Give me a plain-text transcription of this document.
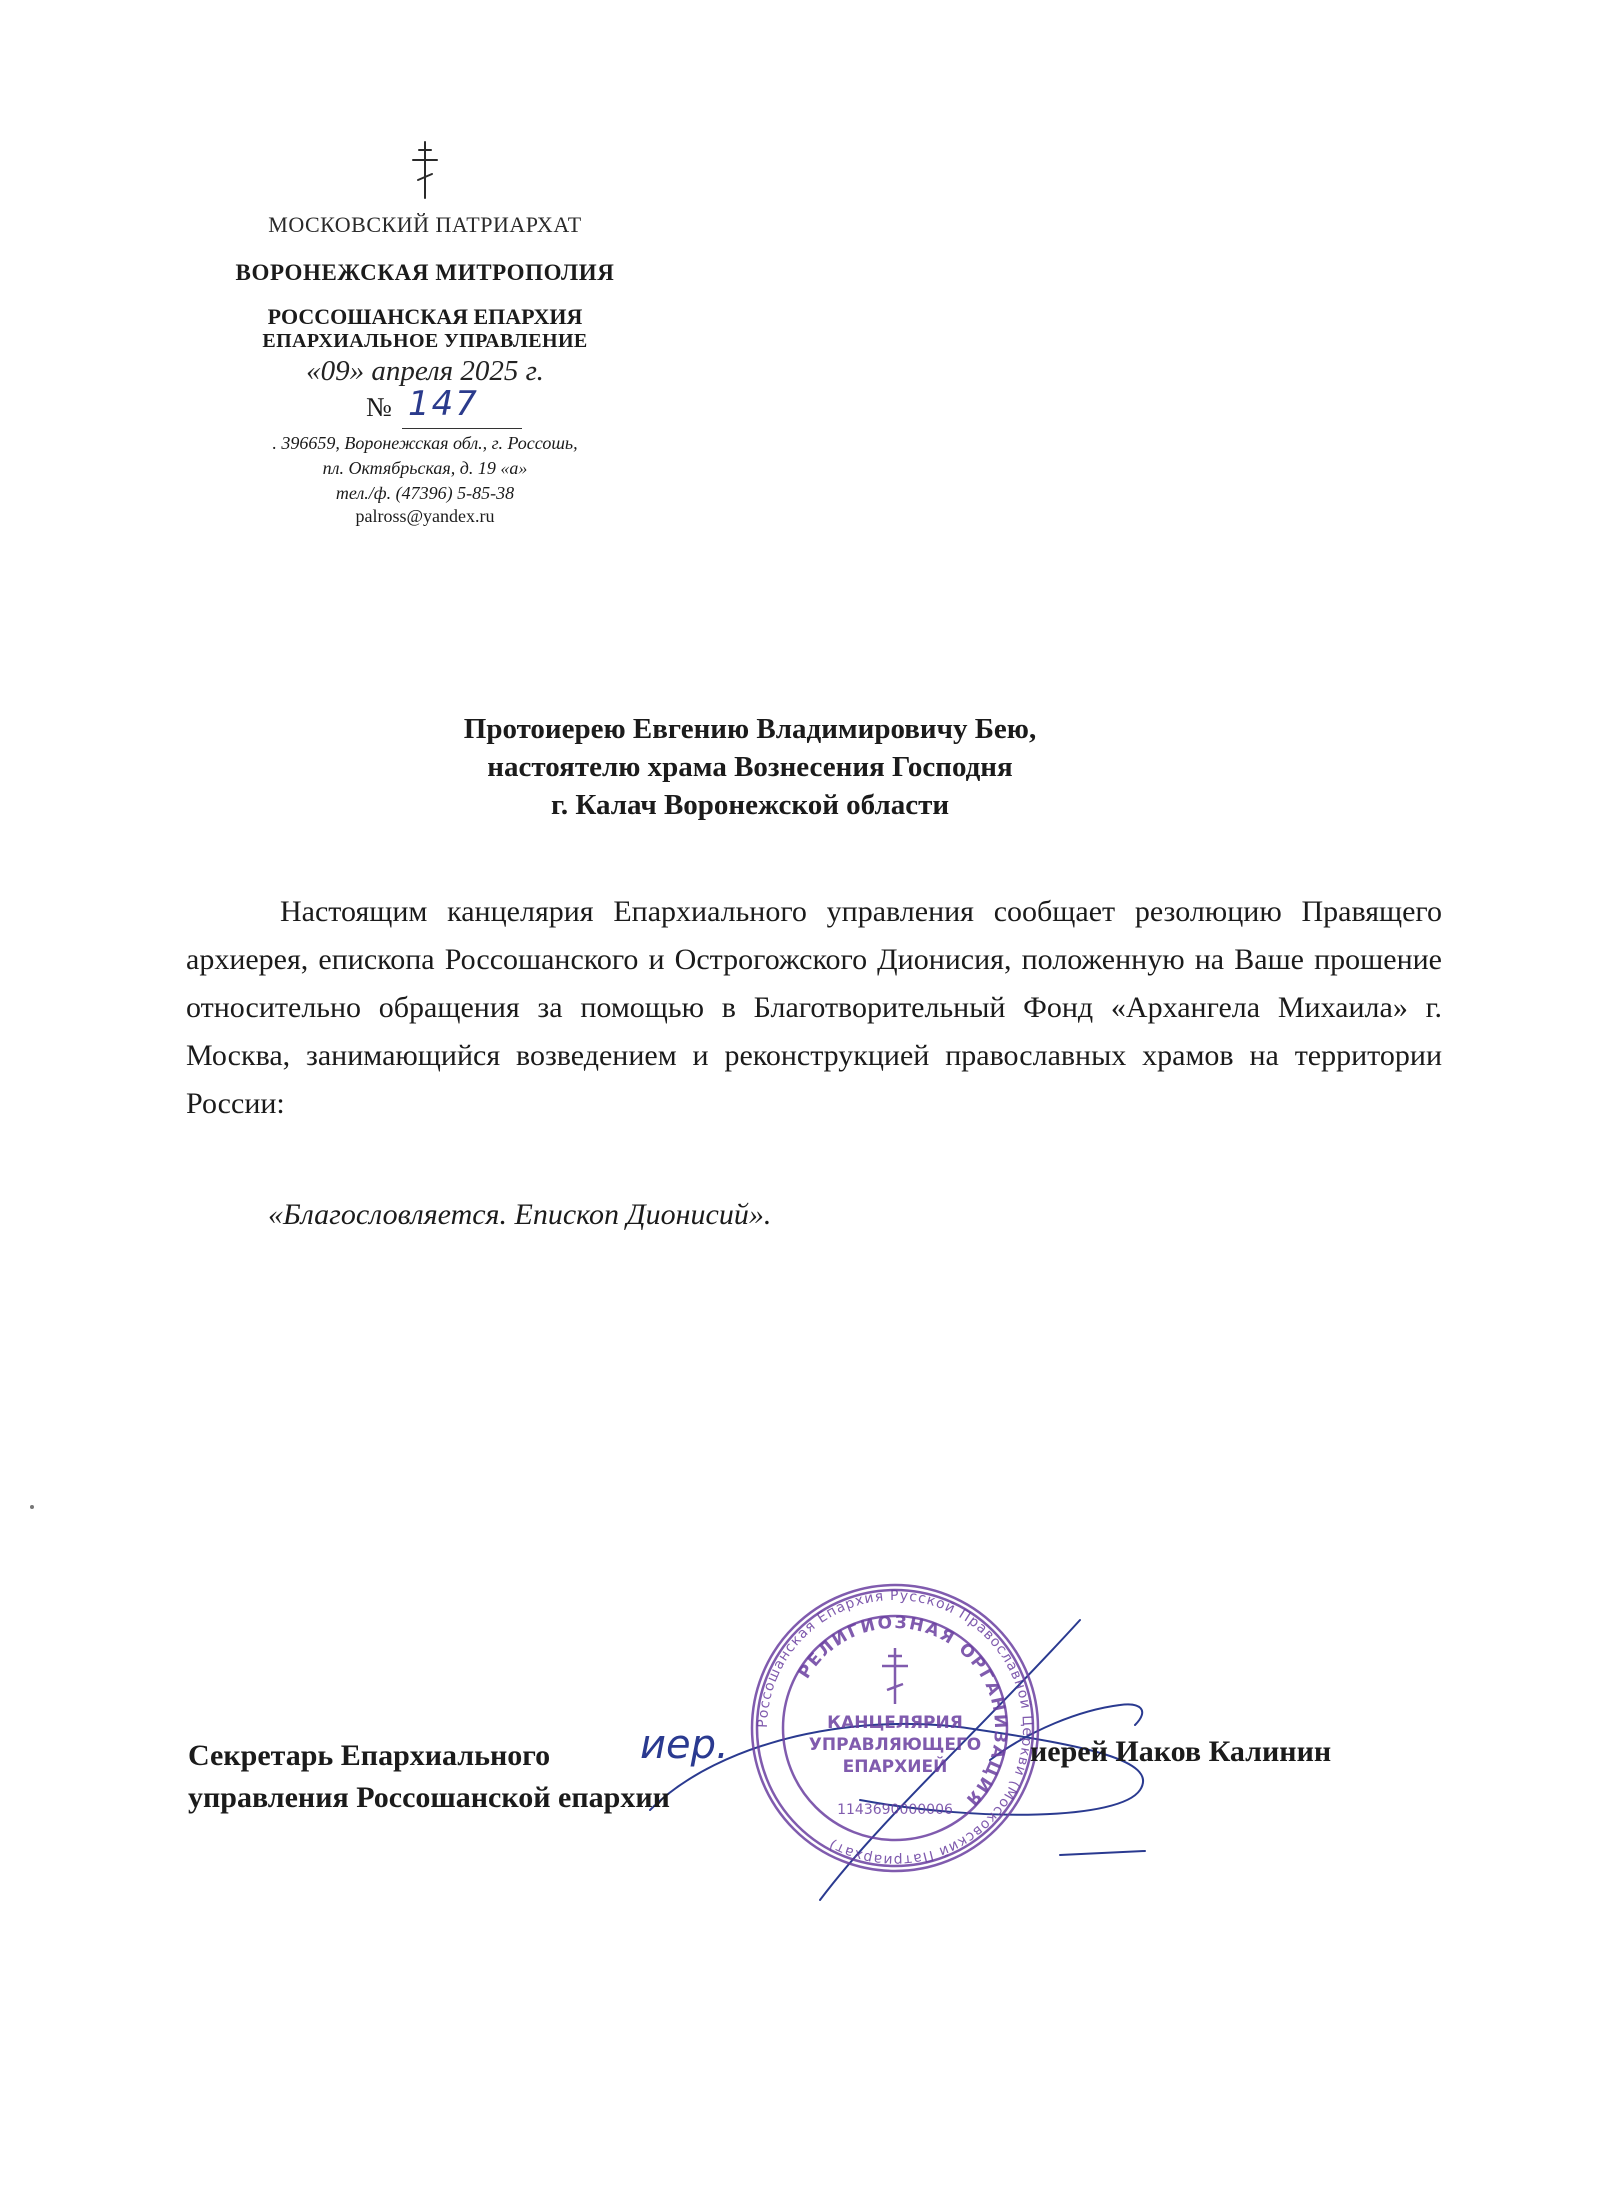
МОСКОВСКИЙ ПАТРИАРХАТ
ВОРОНЕЖСКАЯ МИТРОПОЛИЯ
РОССОШАНСКАЯ ЕПАРХИЯ
ЕПАРХИАЛЬНОЕ УПРАВЛЕНИЕ
«09» апреля 2025 г.
№ 147
. 396659, Воронежская обл., г. Россошь,
пл. Октябрьская, д. 19 «а»
тел./ф. (47396) 5-85-38
palross@yandex.ru
Протоиерею Евгению Владимировичу Бею,
настоятелю храма Вознесения Господня
г. Калач Воронежской области
Настоящим канцелярия Епархиального управления сообщает резолюцию Правящего архиерея, епископа Россошанского и Острогожского Дионисия, положенную на Ваше прошение относительно обращения за помощью в Благотворительный Фонд «Архангела Михаила» г. Москва, занимающийся возведением и реконструкцией православных храмов на территории России:
«Благословляется. Епископ Дионисий».
Россошанская Епархия Русской Православной Церкви (Московский Патриархат)
РЕЛИГИОЗНАЯ ОРГАНИЗАЦИЯ
КАНЦЕЛЯРИЯ
УПРАВЛЯЮЩЕГО
ЕПАРХИЕЙ
1143690000006
Секретарь Епархиального
управления Россошанской епархии
иер.	иерей Иаков Калинин
